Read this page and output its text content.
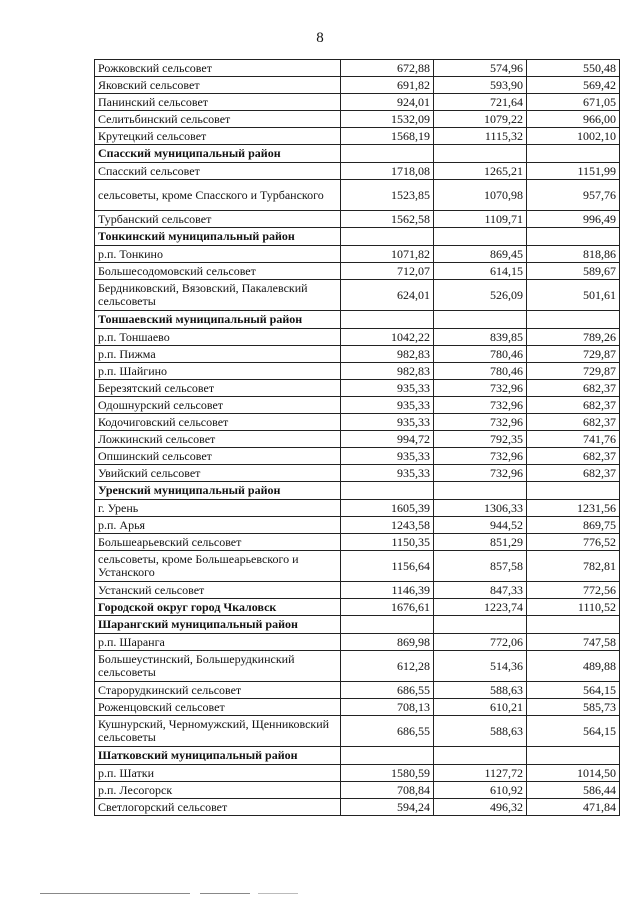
8
Рожковский сельсовет	672,88	574,96	550,48
Яковский сельсовет	691,82	593,90	569,42
Панинский сельсовет	924,01	721,64	671,05
Селитьбинский сельсовет	1532,09	1079,22	966,00
Крутецкий сельсовет	1568,19	1115,32	1002,10
Спасский муниципальный район			
Спасский сельсовет	1718,08	1265,21	1151,99
сельсоветы, кроме Спасского и Турбанского	1523,85	1070,98	957,76
Турбанский сельсовет	1562,58	1109,71	996,49
Тонкинский муниципальный район			
р.п. Тонкино	1071,82	869,45	818,86
Большесодомовский сельсовет	712,07	614,15	589,67
Бердниковский, Вязовский, Пакалевский сельсоветы	624,01	526,09	501,61
Тоншаевский муниципальный район			
р.п. Тоншаево	1042,22	839,85	789,26
р.п. Пижма	982,83	780,46	729,87
р.п. Шайгино	982,83	780,46	729,87
Березятский сельсовет	935,33	732,96	682,37
Одошнурский сельсовет	935,33	732,96	682,37
Кодочиговский сельсовет	935,33	732,96	682,37
Ложкинский сельсовет	994,72	792,35	741,76
Опшинский сельсовет	935,33	732,96	682,37
Увийский сельсовет	935,33	732,96	682,37
Уренский муниципальный район			
г. Урень	1605,39	1306,33	1231,56
р.п. Арья	1243,58	944,52	869,75
Большеарьевский сельсовет	1150,35	851,29	776,52
сельсоветы, кроме Большеарьевского и Устанского	1156,64	857,58	782,81
Устанский сельсовет	1146,39	847,33	772,56
Городской округ город Чкаловск	1676,61	1223,74	1110,52
Шарангский муниципальный район			
р.п. Шаранга	869,98	772,06	747,58
Большеустинский, Большерудкинский сельсоветы	612,28	514,36	489,88
Старорудкинский сельсовет	686,55	588,63	564,15
Роженцовский сельсовет	708,13	610,21	585,73
Кушнурский, Черномужский, Щенниковский сельсоветы	686,55	588,63	564,15
Шатковский муниципальный район			
р.п. Шатки	1580,59	1127,72	1014,50
р.п. Лесогорск	708,84	610,92	586,44
Светлогорский сельсовет	594,24	496,32	471,84
